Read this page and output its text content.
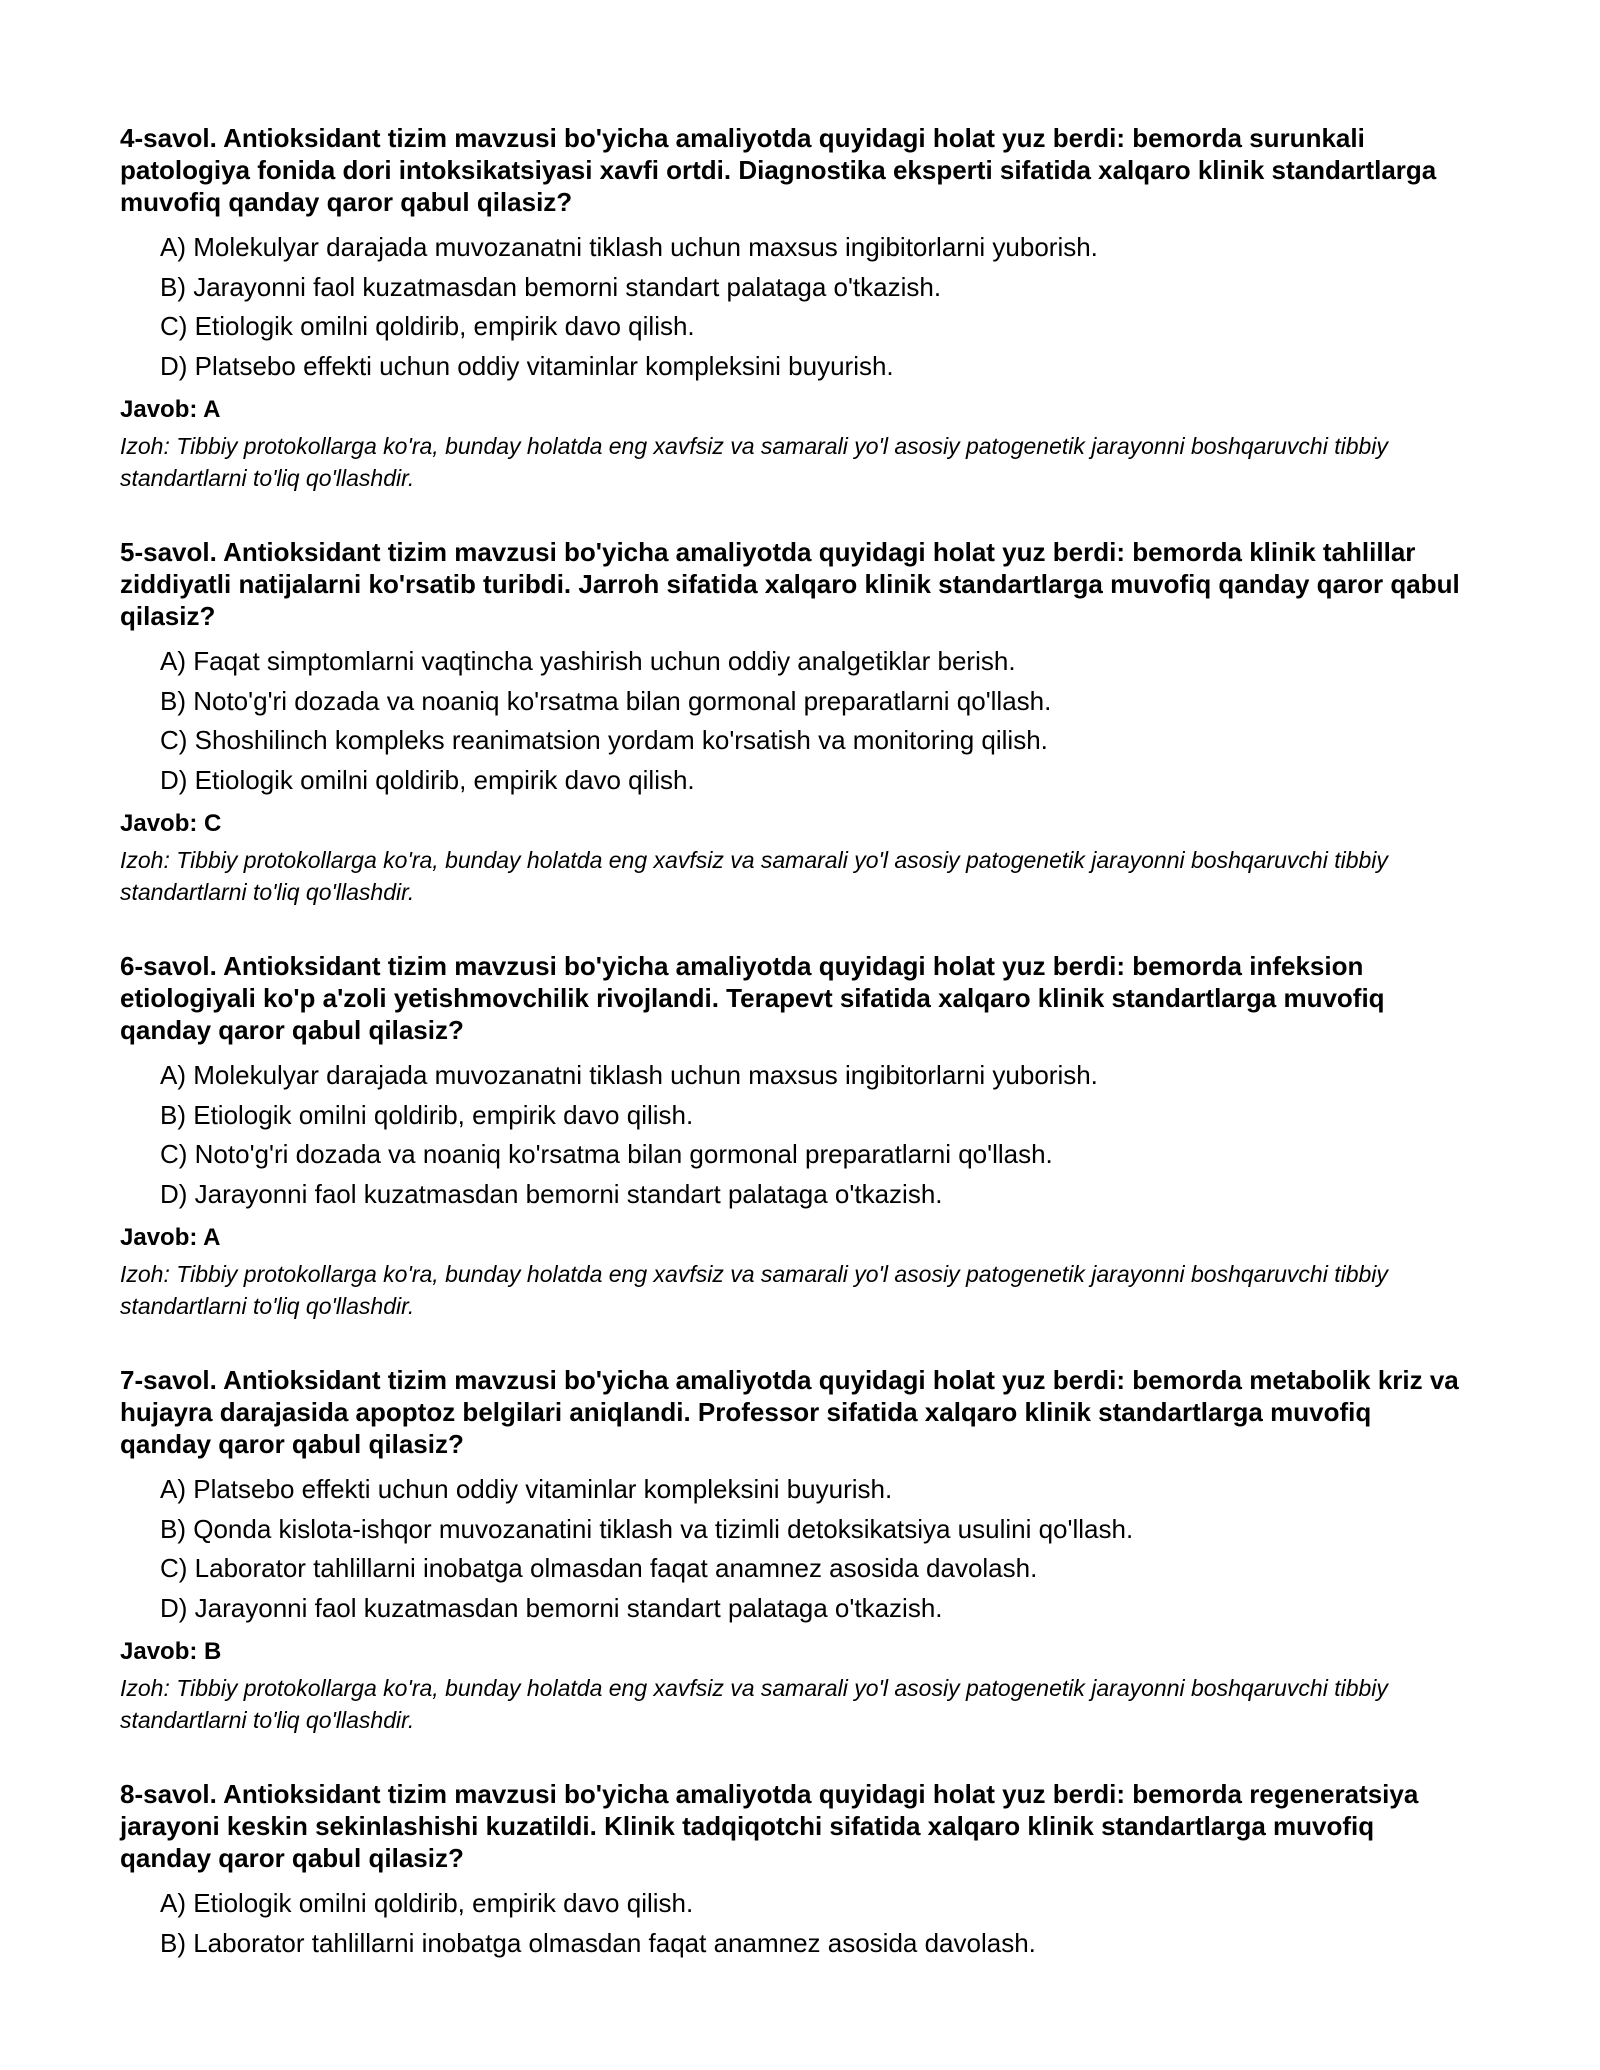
4-savol. Antioksidant tizim mavzusi bo'yicha amaliyotda quyidagi holat yuz berdi: bemorda surunkali patologiya fonida dori intoksikatsiyasi xavfi ortdi. Diagnostika eksperti sifatida xalqaro klinik standartlarga muvofiq qanday qaror qabul qilasiz?

A) Molekulyar darajada muvozanatni tiklash uchun maxsus ingibitorlarni yuborish.
B) Jarayonni faol kuzatmasdan bemorni standart palataga o'tkazish.
C) Etiologik omilni qoldirib, empirik davo qilish.
D) Platsebo effekti uchun oddiy vitaminlar kompleksini buyurish.

Javob: A

Izoh: Tibbiy protokollarga ko'ra, bunday holatda eng xavfsiz va samarali yo'l asosiy patogenetik jarayonni boshqaruvchi tibbiy standartlarni to'liq qo'llashdir.

5-savol. Antioksidant tizim mavzusi bo'yicha amaliyotda quyidagi holat yuz berdi: bemorda klinik tahlillar ziddiyatli natijalarni ko'rsatib turibdi. Jarroh sifatida xalqaro klinik standartlarga muvofiq qanday qaror qabul qilasiz?

A) Faqat simptomlarni vaqtincha yashirish uchun oddiy analgetiklar berish.
B) Noto'g'ri dozada va noaniq ko'rsatma bilan gormonal preparatlarni qo'llash.
C) Shoshilinch kompleks reanimatsion yordam ko'rsatish va monitoring qilish.
D) Etiologik omilni qoldirib, empirik davo qilish.

Javob: C

Izoh: Tibbiy protokollarga ko'ra, bunday holatda eng xavfsiz va samarali yo'l asosiy patogenetik jarayonni boshqaruvchi tibbiy standartlarni to'liq qo'llashdir.

6-savol. Antioksidant tizim mavzusi bo'yicha amaliyotda quyidagi holat yuz berdi: bemorda infeksion etiologiyali ko'p a'zoli yetishmovchilik rivojlandi. Terapevt sifatida xalqaro klinik standartlarga muvofiq qanday qaror qabul qilasiz?

A) Molekulyar darajada muvozanatni tiklash uchun maxsus ingibitorlarni yuborish.
B) Etiologik omilni qoldirib, empirik davo qilish.
C) Noto'g'ri dozada va noaniq ko'rsatma bilan gormonal preparatlarni qo'llash.
D) Jarayonni faol kuzatmasdan bemorni standart palataga o'tkazish.

Javob: A

Izoh: Tibbiy protokollarga ko'ra, bunday holatda eng xavfsiz va samarali yo'l asosiy patogenetik jarayonni boshqaruvchi tibbiy standartlarni to'liq qo'llashdir.

7-savol. Antioksidant tizim mavzusi bo'yicha amaliyotda quyidagi holat yuz berdi: bemorda metabolik kriz va hujayra darajasida apoptoz belgilari aniqlandi. Professor sifatida xalqaro klinik standartlarga muvofiq qanday qaror qabul qilasiz?

A) Platsebo effekti uchun oddiy vitaminlar kompleksini buyurish.
B) Qonda kislota-ishqor muvozanatini tiklash va tizimli detoksikatsiya usulini qo'llash.
C) Laborator tahlillarni inobatga olmasdan faqat anamnez asosida davolash.
D) Jarayonni faol kuzatmasdan bemorni standart palataga o'tkazish.

Javob: B

Izoh: Tibbiy protokollarga ko'ra, bunday holatda eng xavfsiz va samarali yo'l asosiy patogenetik jarayonni boshqaruvchi tibbiy standartlarni to'liq qo'llashdir.

8-savol. Antioksidant tizim mavzusi bo'yicha amaliyotda quyidagi holat yuz berdi: bemorda regeneratsiya jarayoni keskin sekinlashishi kuzatildi. Klinik tadqiqotchi sifatida xalqaro klinik standartlarga muvofiq qanday qaror qabul qilasiz?

A) Etiologik omilni qoldirib, empirik davo qilish.
B) Laborator tahlillarni inobatga olmasdan faqat anamnez asosida davolash.
